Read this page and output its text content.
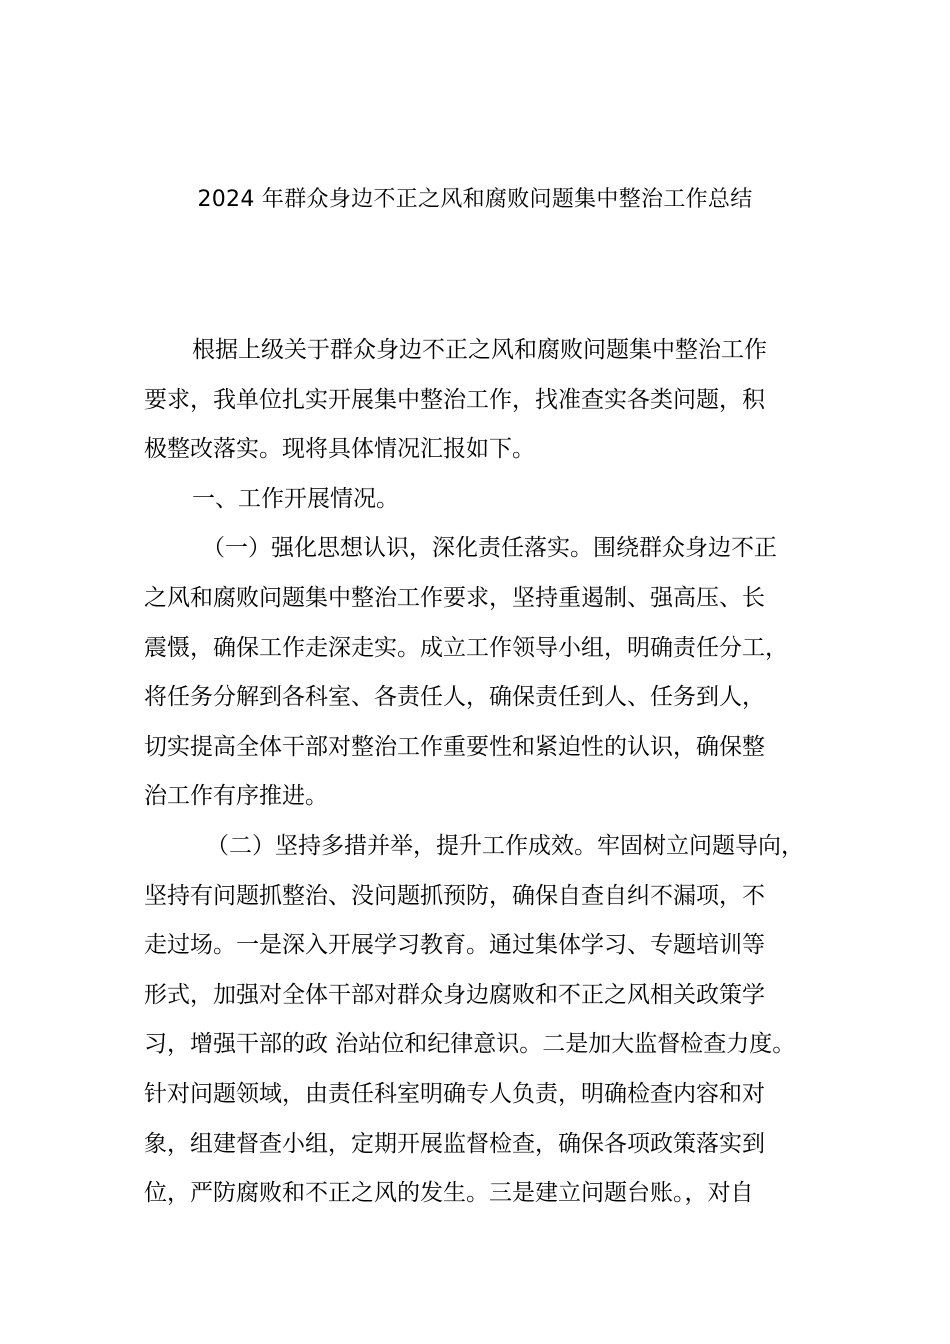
2024 年群众身边不正之风和腐败问题集中整治工作总结
根据上级关于群众身边不正之风和腐败问题集中整治工作
要求，我单位扎实开展集中整治工作，找准查实各类问题，积
极整改落实。现将具体情况汇报如下。
一、工作开展情况。
（一）强化思想认识，深化责任落实。围绕群众身边不正
之风和腐败问题集中整治工作要求，坚持重遏制、强高压、长
震慑，确保工作走深走实。成立工作领导小组，明确责任分工，
将任务分解到各科室、各责任人，确保责任到人、任务到人，
切实提高全体干部对整治工作重要性和紧迫性的认识，确保整
治工作有序推进。
（二）坚持多措并举，提升工作成效。牢固树立问题导向，
坚持有问题抓整治、没问题抓预防，确保自查自纠不漏项，不
走过场。一是深入开展学习教育。通过集体学习、专题培训等
形式，加强对全体干部对群众身边腐败和不正之风相关政策学
习，增强干部的政 治站位和纪律意识。二是加大监督检查力度。
针对问题领域，由责任科室明确专人负责，明确检查内容和对
象，组建督查小组，定期开展监督检查，确保各项政策落实到
位，严防腐败和不正之风的发生。三是建立问题台账。，对自
